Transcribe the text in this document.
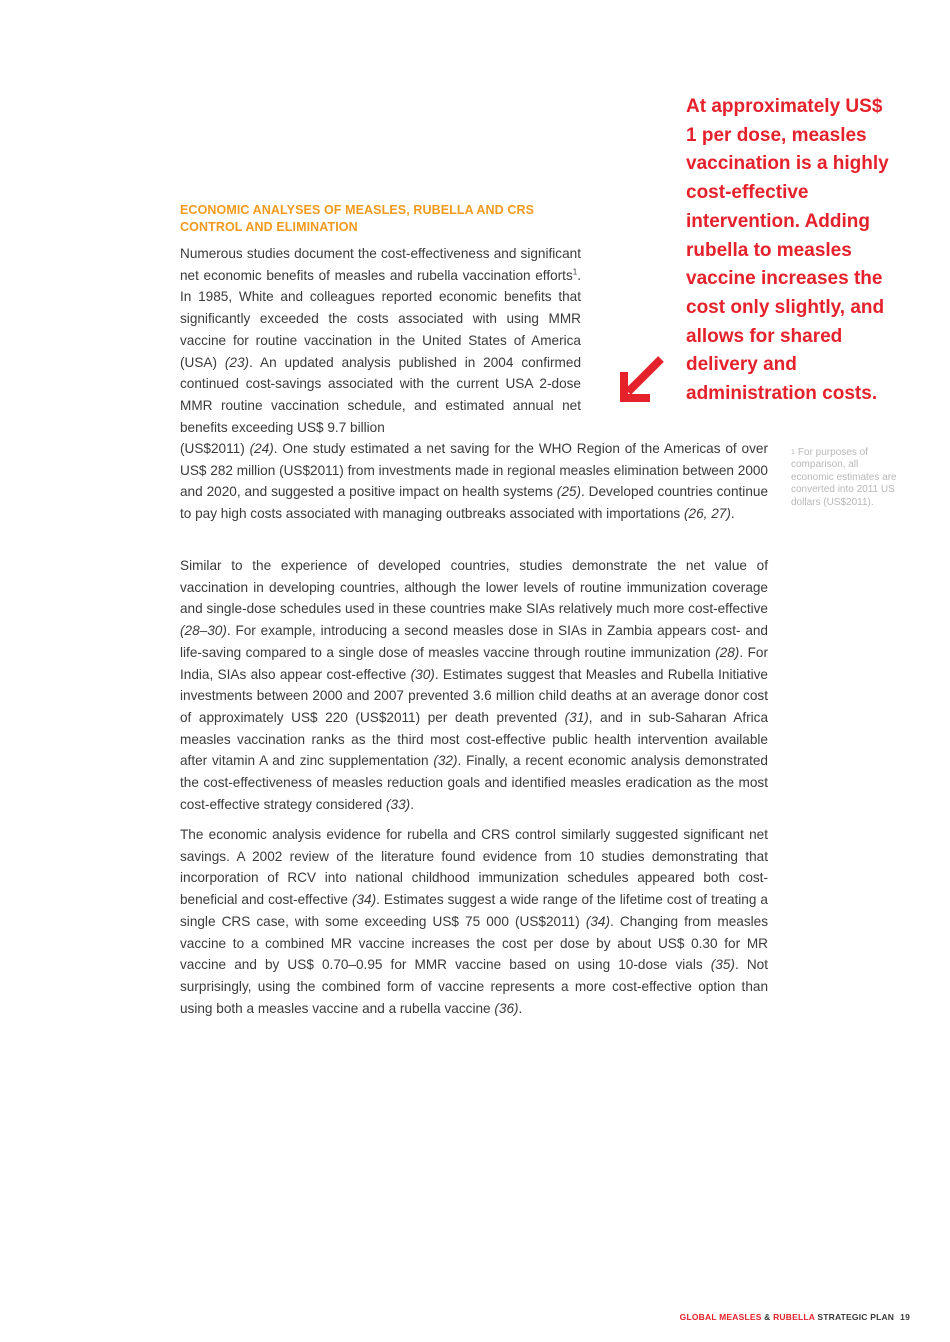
ECONOMIC ANALYSES OF MEASLES, RUBELLA AND CRS
CONTROL AND ELIMINATION

Numerous studies document the cost-effectiveness and significant net economic benefits of measles and rubella vaccination efforts$^1$. In 1985, White and colleagues reported economic benefits that significantly exceeded the costs associated with using MMR vaccine for routine vaccination in the United States of America (USA) (23). An updated analysis published in 2004 confirmed continued cost-savings associated with the current USA 2-dose MMR routine vaccination schedule, and estimated annual net benefits exceeding US$ 9.7 billion

(US$2011) (24). One study estimated a net saving for the WHO Region of the Americas of over US$ 282 million (US$2011) from investments made in regional measles elimination between 2000 and 2020, and suggested a positive impact on health systems (25). Developed countries continue to pay high costs associated with managing outbreaks associated with importations (26, 27).

Similar to the experience of developed countries, studies demonstrate the net value of vaccination in developing countries, although the lower levels of routine immunization coverage and single-dose schedules used in these countries make SIAs relatively much more cost-effective (28–30). For example, introducing a second measles dose in SIAs in Zambia appears cost- and life-saving compared to a single dose of measles vaccine through routine immunization (28). For India, SIAs also appear cost-effective (30). Estimates suggest that Measles and Rubella Initiative investments between 2000 and 2007 prevented 3.6 million child deaths at an average donor cost of approximately US$ 220 (US$2011) per death prevented (31), and in sub-Saharan Africa measles vaccination ranks as the third most cost-effective public health intervention available after vitamin A and zinc supplementation (32). Finally, a recent economic analysis demonstrated the cost-effectiveness of measles reduction goals and identified measles eradication as the most cost-effective strategy considered (33).

The economic analysis evidence for rubella and CRS control similarly suggested significant net savings. A 2002 review of the literature found evidence from 10 studies demonstrating that incorporation of RCV into national childhood immunization schedules appeared both cost-beneficial and cost-effective (34). Estimates suggest a wide range of the lifetime cost of treating a single CRS case, with some exceeding US$ 75 000 (US$2011) (34). Changing from measles vaccine to a combined MR vaccine increases the cost per dose by about US$ 0.30 for MR vaccine and by US$ 0.70–0.95 for MMR vaccine based on using 10-dose vials (35). Not surprisingly, using the combined form of vaccine represents a more cost-effective option than using both a measles vaccine and a rubella vaccine (36).

At approximately US$ 1 per dose, measles vaccination is a highly cost-effective intervention. Adding rubella to measles vaccine increases the cost only slightly, and allows for shared delivery and administration costs.
$^1$ For purposes of comparison, all economic estimates are converted into 2011 US dollars (US$2011).
GLOBAL MEASLES & RUBELLA STRATEGIC PLAN 19
